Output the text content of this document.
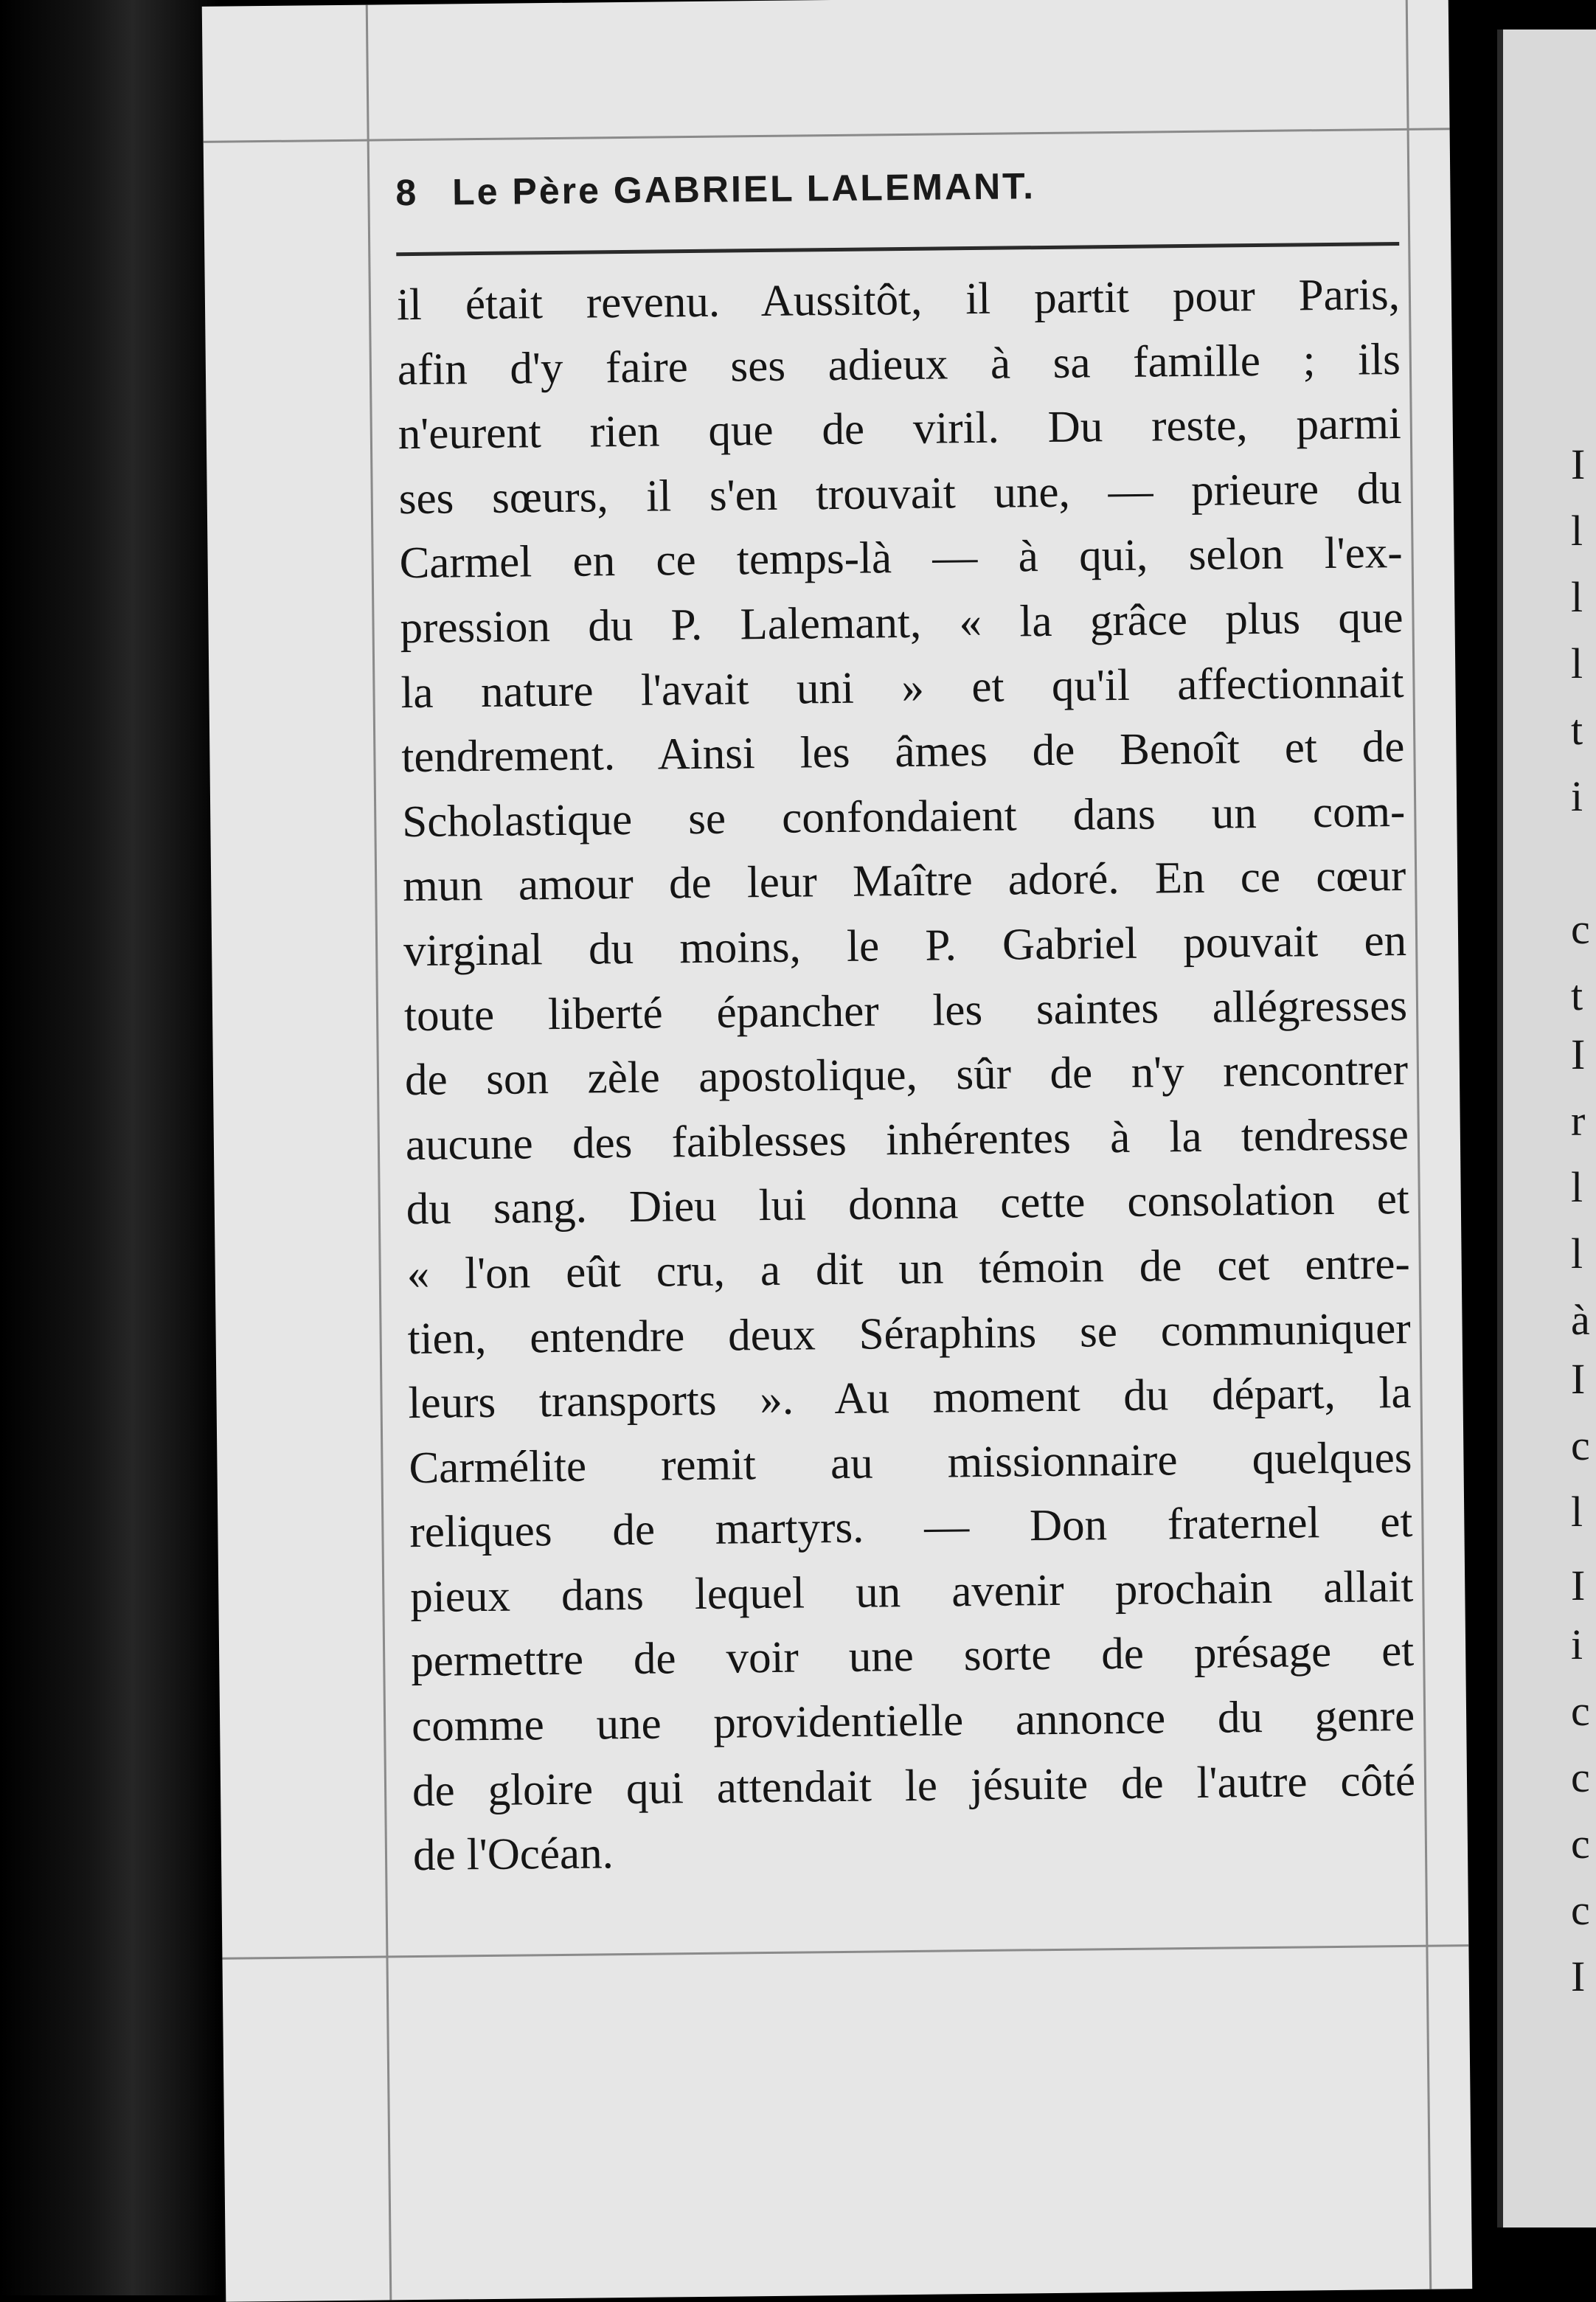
8 Le Père GABRIEL LALEMANT.
il était revenu. Aussitôt, il partit pour Paris,
afin d'y faire ses adieux à sa famille ; ils
n'eurent rien que de viril. Du reste, parmi
ses sœurs, il s'en trouvait une, — prieure du
Carmel en ce temps-là — à qui, selon l'ex-
pression du P. Lalemant, « la grâce plus que
la nature l'avait uni » et qu'il affectionnait
tendrement. Ainsi les âmes de Benoît et de
Scholastique se confondaient dans un com-
mun amour de leur Maître adoré. En ce cœur
virginal du moins, le P. Gabriel pouvait en
toute liberté épancher les saintes allégresses
de son zèle apostolique, sûr de n'y rencontrer
aucune des faiblesses inhérentes à la tendresse
du sang. Dieu lui donna cette consolation et
« l'on eût cru, a dit un témoin de cet entre-
tien, entendre deux Séraphins se communiquer
leurs transports ». Au moment du départ, la
Carmélite remit au missionnaire quelques
reliques de martyrs. — Don fraternel et
pieux dans lequel un avenir prochain allait
permettre de voir une sorte de présage et
comme une providentielle annonce du genre
de gloire qui attendait le jésuite de l'autre côté
de l'Océan.
I
l
l
l
t
i
c
t
I
r
l
l
à
I
c
l
I
i
c
c
c
c
I
